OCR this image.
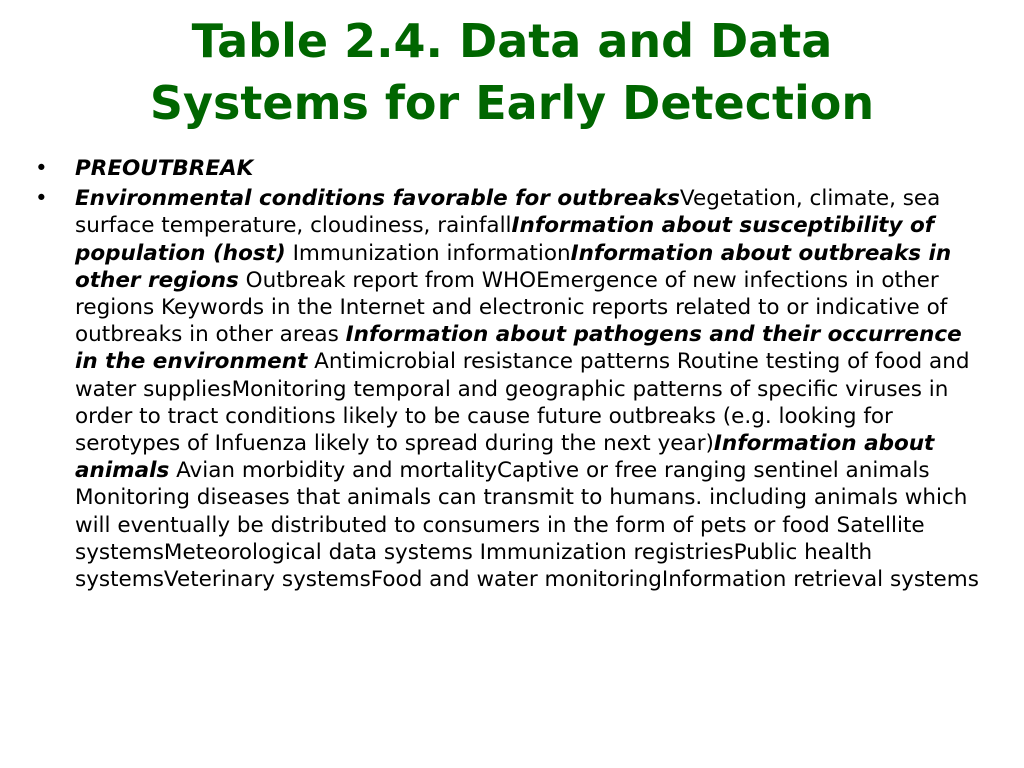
Table 2.4. Data and Data
Systems for Early Detection
• PREOUTBREAK
• Environmental conditions favorable for outbreaksVegetation, climate, sea surface temperature, cloudiness, rainfallInformation about susceptibility of population (host) Immunization informationInformation about outbreaks in other regions Outbreak report from WHOEmergence of new infections in other regions Keywords in the Internet and electronic reports related to or indicative of outbreaks in other areas Information about pathogens and their occurrence in the environment Antimicrobial resistance patterns Routine testing of food and water suppliesMonitoring temporal and geographic patterns of specific viruses in order to tract conditions likely to be cause future outbreaks (e.g. looking for serotypes of Infuenza likely to spread during the next year)Information about animals Avian morbidity and mortalityCaptive or free ranging sentinel animals Monitoring diseases that animals can transmit to humans. including animals which will eventually be distributed to consumers in the form of pets or food Satellite systemsMeteorological data systems Immunization registriesPublic health systemsVeterinary systemsFood and water monitoringInformation retrieval systems
